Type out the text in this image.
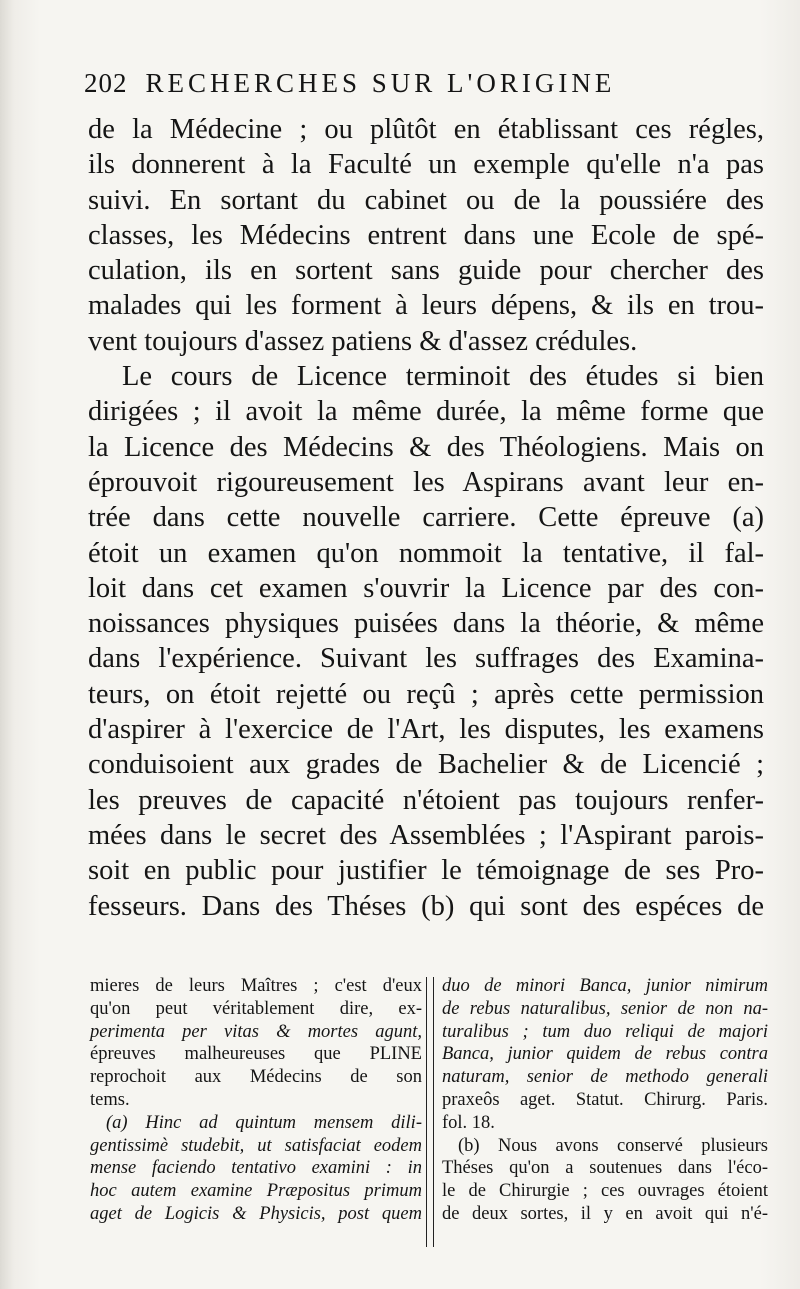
202 RECHERCHES SUR L'ORIGINE
de la Médecine ; ou plûtôt en établissant ces régles,
ils donnerent à la Faculté un exemple qu'elle n'a pas
suivi. En sortant du cabinet ou de la poussiére des
classes, les Médecins entrent dans une Ecole de spé-
culation, ils en sortent sans guide pour chercher des
malades qui les forment à leurs dépens, & ils en trou-
vent toujours d'assez patiens & d'assez crédules.
Le cours de Licence terminoit des études si bien
dirigées ; il avoit la même durée, la même forme que
la Licence des Médecins & des Théologiens. Mais on
éprouvoit rigoureusement les Aspirans avant leur en-
trée dans cette nouvelle carriere. Cette épreuve (a)
étoit un examen qu'on nommoit la tentative, il fal-
loit dans cet examen s'ouvrir la Licence par des con-
noissances physiques puisées dans la théorie, & même
dans l'expérience. Suivant les suffrages des Examina-
teurs, on étoit rejetté ou reçû ; après cette permission
d'aspirer à l'exercice de l'Art, les disputes, les examens
conduisoient aux grades de Bachelier & de Licencié ;
les preuves de capacité n'étoient pas toujours renfer-
mées dans le secret des Assemblées ; l'Aspirant parois-
soit en public pour justifier le témoignage de ses Pro-
fesseurs. Dans des Théses (b) qui sont des espéces de
mieres de leurs Maîtres ; c'est d'eux
qu'on peut véritablement dire, ex-
perimenta per vitas & mortes agunt,
épreuves malheureuses que PLINE
reprochoit aux Médecins de son
tems.
(a) Hinc ad quintum mensem dili-
gentissimè studebit, ut satisfaciat eodem
mense faciendo tentativo examini : in
hoc autem examine Præpositus primum
aget de Logicis & Physicis, post quem
duo de minori Banca, junior nimirum
de rebus naturalibus, senior de non na-
turalibus ; tum duo reliqui de majori
Banca, junior quidem de rebus contra
naturam, senior de methodo generali
praxeôs aget. Statut. Chirurg. Paris.
fol. 18.
(b) Nous avons conservé plusieurs
Théses qu'on a soutenues dans l'éco-
le de Chirurgie ; ces ouvrages étoient
de deux sortes, il y en avoit qui n'é-
